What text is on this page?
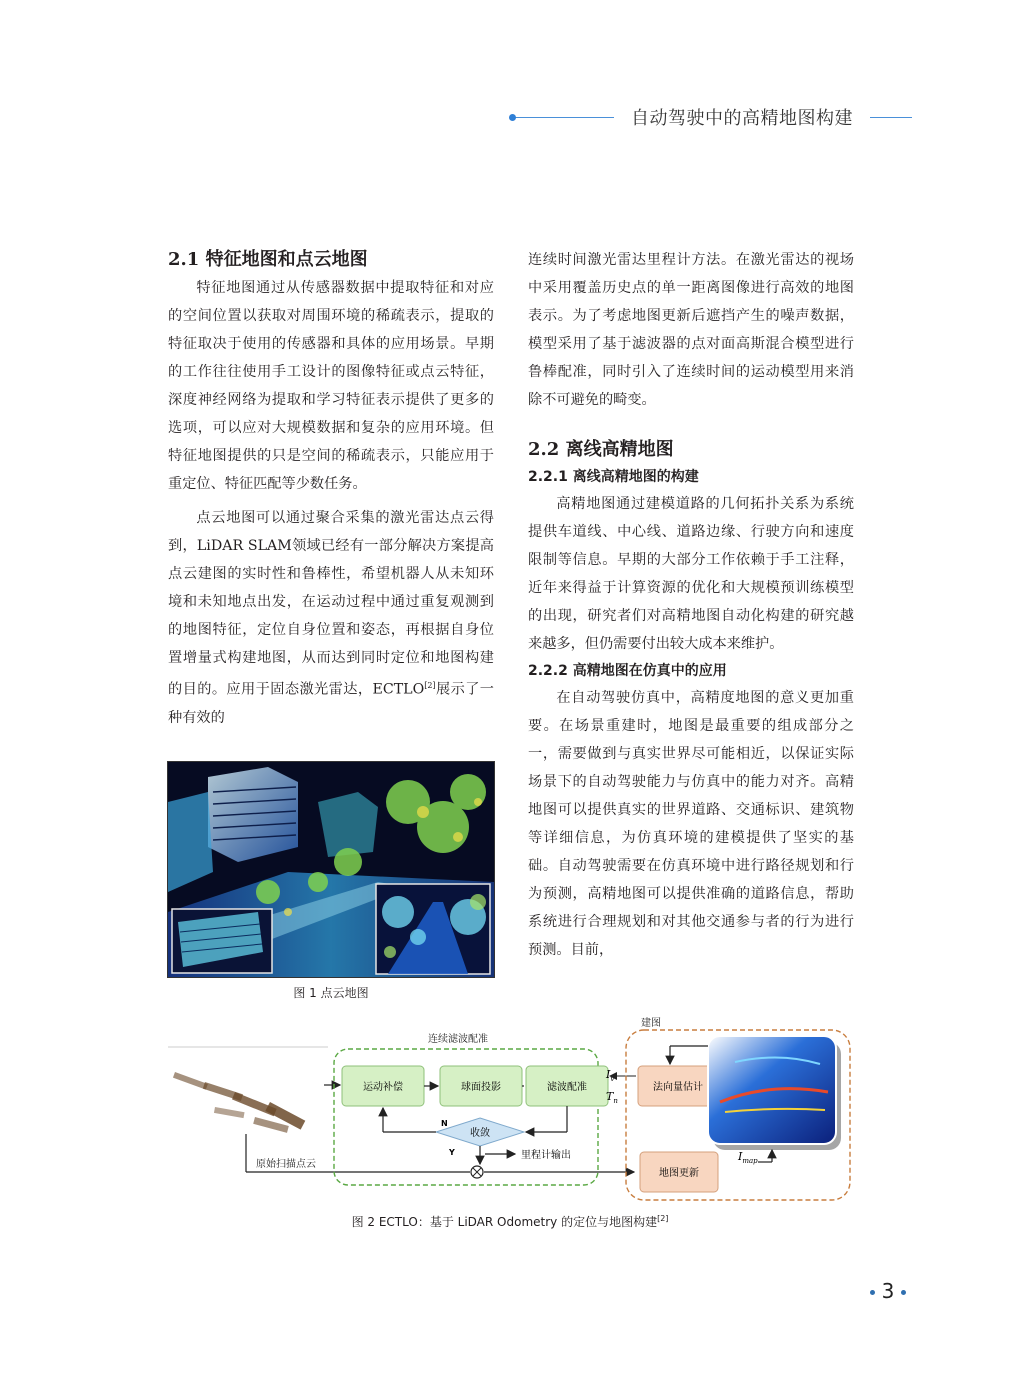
自动驾驶中的高精地图构建
2.1 特征地图和点云地图

特征地图通过从传感器数据中提取特征和对应的空间位置以获取对周围环境的稀疏表示，提取的特征取决于使用的传感器和具体的应用场景。早期的工作往往使用手工设计的图像特征或点云特征，深度神经网络为提取和学习特征表示提供了更多的选项，可以应对大规模数据和复杂的应用环境。但特征地图提供的只是空间的稀疏表示，只能应用于重定位、特征匹配等少数任务。

点云地图可以通过聚合采集的激光雷达点云得到，LiDAR SLAM领域已经有一部分解决方案提高点云建图的实时性和鲁棒性，希望机器人从未知环境和未知地点出发，在运动过程中通过重复观测到的地图特征，定位自身位置和姿态，再根据自身位置增量式构建地图，从而达到同时定位和地图构建的目的。应用于固态激光雷达，ECTLO[2]展示了一种有效的

图 1 点云地图

连续时间激光雷达里程计方法。在激光雷达的视场中采用覆盖历史点的单一距离图像进行高效的地图表示。为了考虑地图更新后遮挡产生的噪声数据，模型采用了基于滤波器的点对面高斯混合模型进行鲁棒配准，同时引入了连续时间的运动模型用来消除不可避免的畸变。

2.2 离线高精地图
2.2.1 离线高精地图的构建

高精地图通过建模道路的几何拓扑关系为系统提供车道线、中心线、道路边缘、行驶方向和速度限制等信息。早期的大部分工作依赖于手工注释，近年来得益于计算资源的优化和大规模预训练模型的出现，研究者们对高精地图自动化构建的研究越来越多，但仍需要付出较大成本来维护。

2.2.2 高精地图在仿真中的应用

在自动驾驶仿真中，高精度地图的意义更加重要。在场景重建时，地图是最重要的组成部分之一，需要做到与真实世界尽可能相近，以保证实际场景下的自动驾驶能力与仿真中的能力对齐。高精地图可以提供真实的世界道路、交通标识、建筑物等详细信息，为仿真环境的建模提供了坚实的基础。自动驾驶需要在仿真环境中进行路径规划和行为预测，高精地图可以提供准确的道路信息，帮助系统进行合理规划和对其他交通参与者的行为进行预测。目前，

原始扫描点云
连续滤波配准
运动补偿	球面投影	滤波配准
收敛
N
Y	里程计输出
$I_v$
$T_n$
建图
法向量估计
地图更新
$I_{map}$
图 2 ECTLO：基于 LiDAR Odometry 的定位与地图构建[2]
3
